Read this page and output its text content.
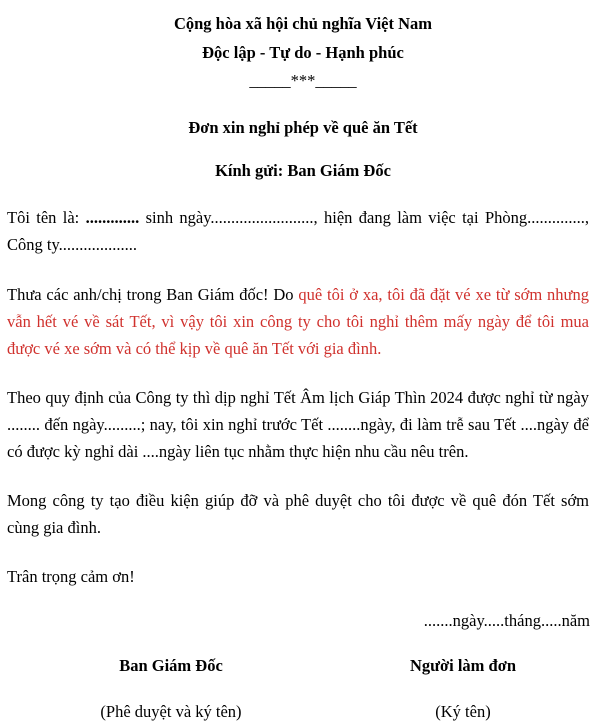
Cộng hòa xã hội chủ nghĩa Việt Nam
Độc lập - Tự do - Hạnh phúc
_____***_____
Đơn xin nghỉ phép về quê ăn Tết
Kính gửi: Ban Giám Đốc
Tôi tên là: ............. sinh ngày........................., hiện đang làm việc tại Phòng.............., Công ty...................
Thưa các anh/chị trong Ban Giám đốc! Do quê tôi ở xa, tôi đã đặt vé xe từ sớm nhưng vẫn hết vé về sát Tết, vì vậy tôi xin công ty cho tôi nghỉ thêm mấy ngày để tôi mua được vé xe sớm và có thể kịp về quê ăn Tết với gia đình.
Theo quy định của Công ty thì dịp nghỉ Tết Âm lịch Giáp Thìn 2024 được nghỉ từ ngày ........ đến ngày.........; nay, tôi xin nghỉ trước Tết ........ngày, đi làm trễ sau Tết ....ngày để có được kỳ nghỉ dài ....ngày liên tục nhằm thực hiện nhu cầu nêu trên.
Mong công ty tạo điều kiện giúp đỡ và phê duyệt cho tôi được về quê đón Tết sớm cùng gia đình.
Trân trọng cảm ơn!
.......ngày.....tháng.....năm
Ban Giám Đốc
(Phê duyệt và ký tên)
Người làm đơn
(Ký tên)
